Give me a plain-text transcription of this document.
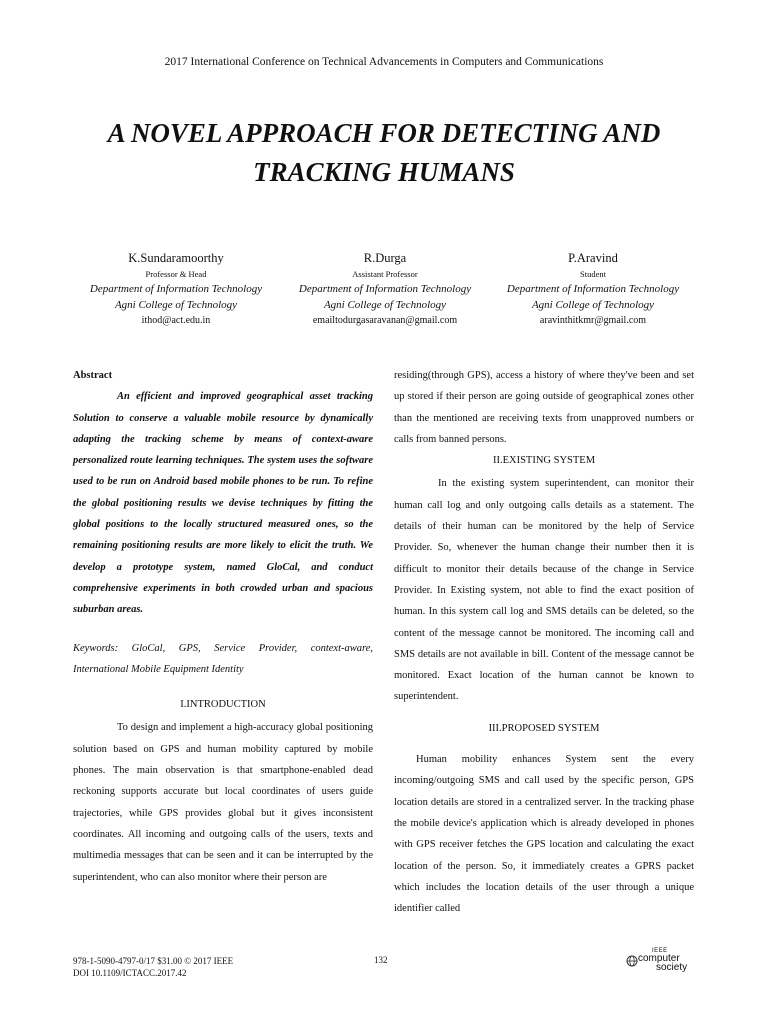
2017 International Conference on Technical Advancements in Computers and Communications
A NOVEL APPROACH FOR DETECTING AND
TRACKING HUMANS
K.Sundaramoorthy
Professor & Head
Department of Information Technology
Agni College of Technology
ithod@act.edu.in
R.Durga
Assistant Professor
Department of Information Technology
Agni College of Technology
emailtodurgasaravanan@gmail.com
P.Aravind
Student
Department of Information Technology
Agni College of Technology
aravinthitkmr@gmail.com

Abstract

An efficient and improved geographical asset tracking Solution to conserve a valuable mobile resource by dynamically adapting the tracking scheme by means of context-aware personalized route learning techniques. The system uses the software used to be run on Android based mobile phones to be run. To refine the global positioning results we devise techniques by fitting the global positions to the locally structured measured ones, so the remaining positioning results are more likely to elicit the truth. We develop a prototype system, named GloCal, and conduct comprehensive experiments in both crowded urban and spacious suburban areas.

Keywords: GloCal, GPS, Service Provider, context-aware, International Mobile Equipment Identity

I.INTRODUCTION

To design and implement a high-accuracy global positioning solution based on GPS and human mobility captured by mobile phones. The main observation is that smartphone-enabled dead reckoning supports accurate but local coordinates of users guide trajectories, while GPS provides global but it gives inconsistent coordinates. All incoming and outgoing calls of the users, texts and multimedia messages that can be seen and it can be interrupted by the superintendent, who can also monitor where their person are

residing(through GPS), access a history of where they've been and set up stored if their person are going outside of geographical zones other than the mentioned are receiving texts from unapproved numbers or calls from banned persons.

II.EXISTING SYSTEM

In the existing system superintendent, can monitor their human call log and only outgoing calls details as a statement. The details of their human can be monitored by the help of Service Provider. So, whenever the human change their number then it is difficult to monitor their details because of the change in Service Provider. In Existing system, not able to find the exact position of human. In this system call log and SMS details can be deleted, so the content of the message cannot be monitored. The incoming call and SMS details are not available in bill. Content of the message cannot be monitored. Exact location of the human cannot be known to superintendent.

III.PROPOSED SYSTEM

Human mobility enhances System sent the every incoming/outgoing SMS and call used by the specific person, GPS location details are stored in a centralized server. In the tracking phase the mobile device's application which is already developed in phones with GPS receiver fetches the GPS location and calculating the exact location of the person. So, it immediately creates a GPRS packet which includes the location details of the user through a unique identifier called

978-1-5090-4797-0/17 $31.00 © 2017 IEEE
DOI 10.1109/ICTACC.2017.42
132
IEEE
computer
society
